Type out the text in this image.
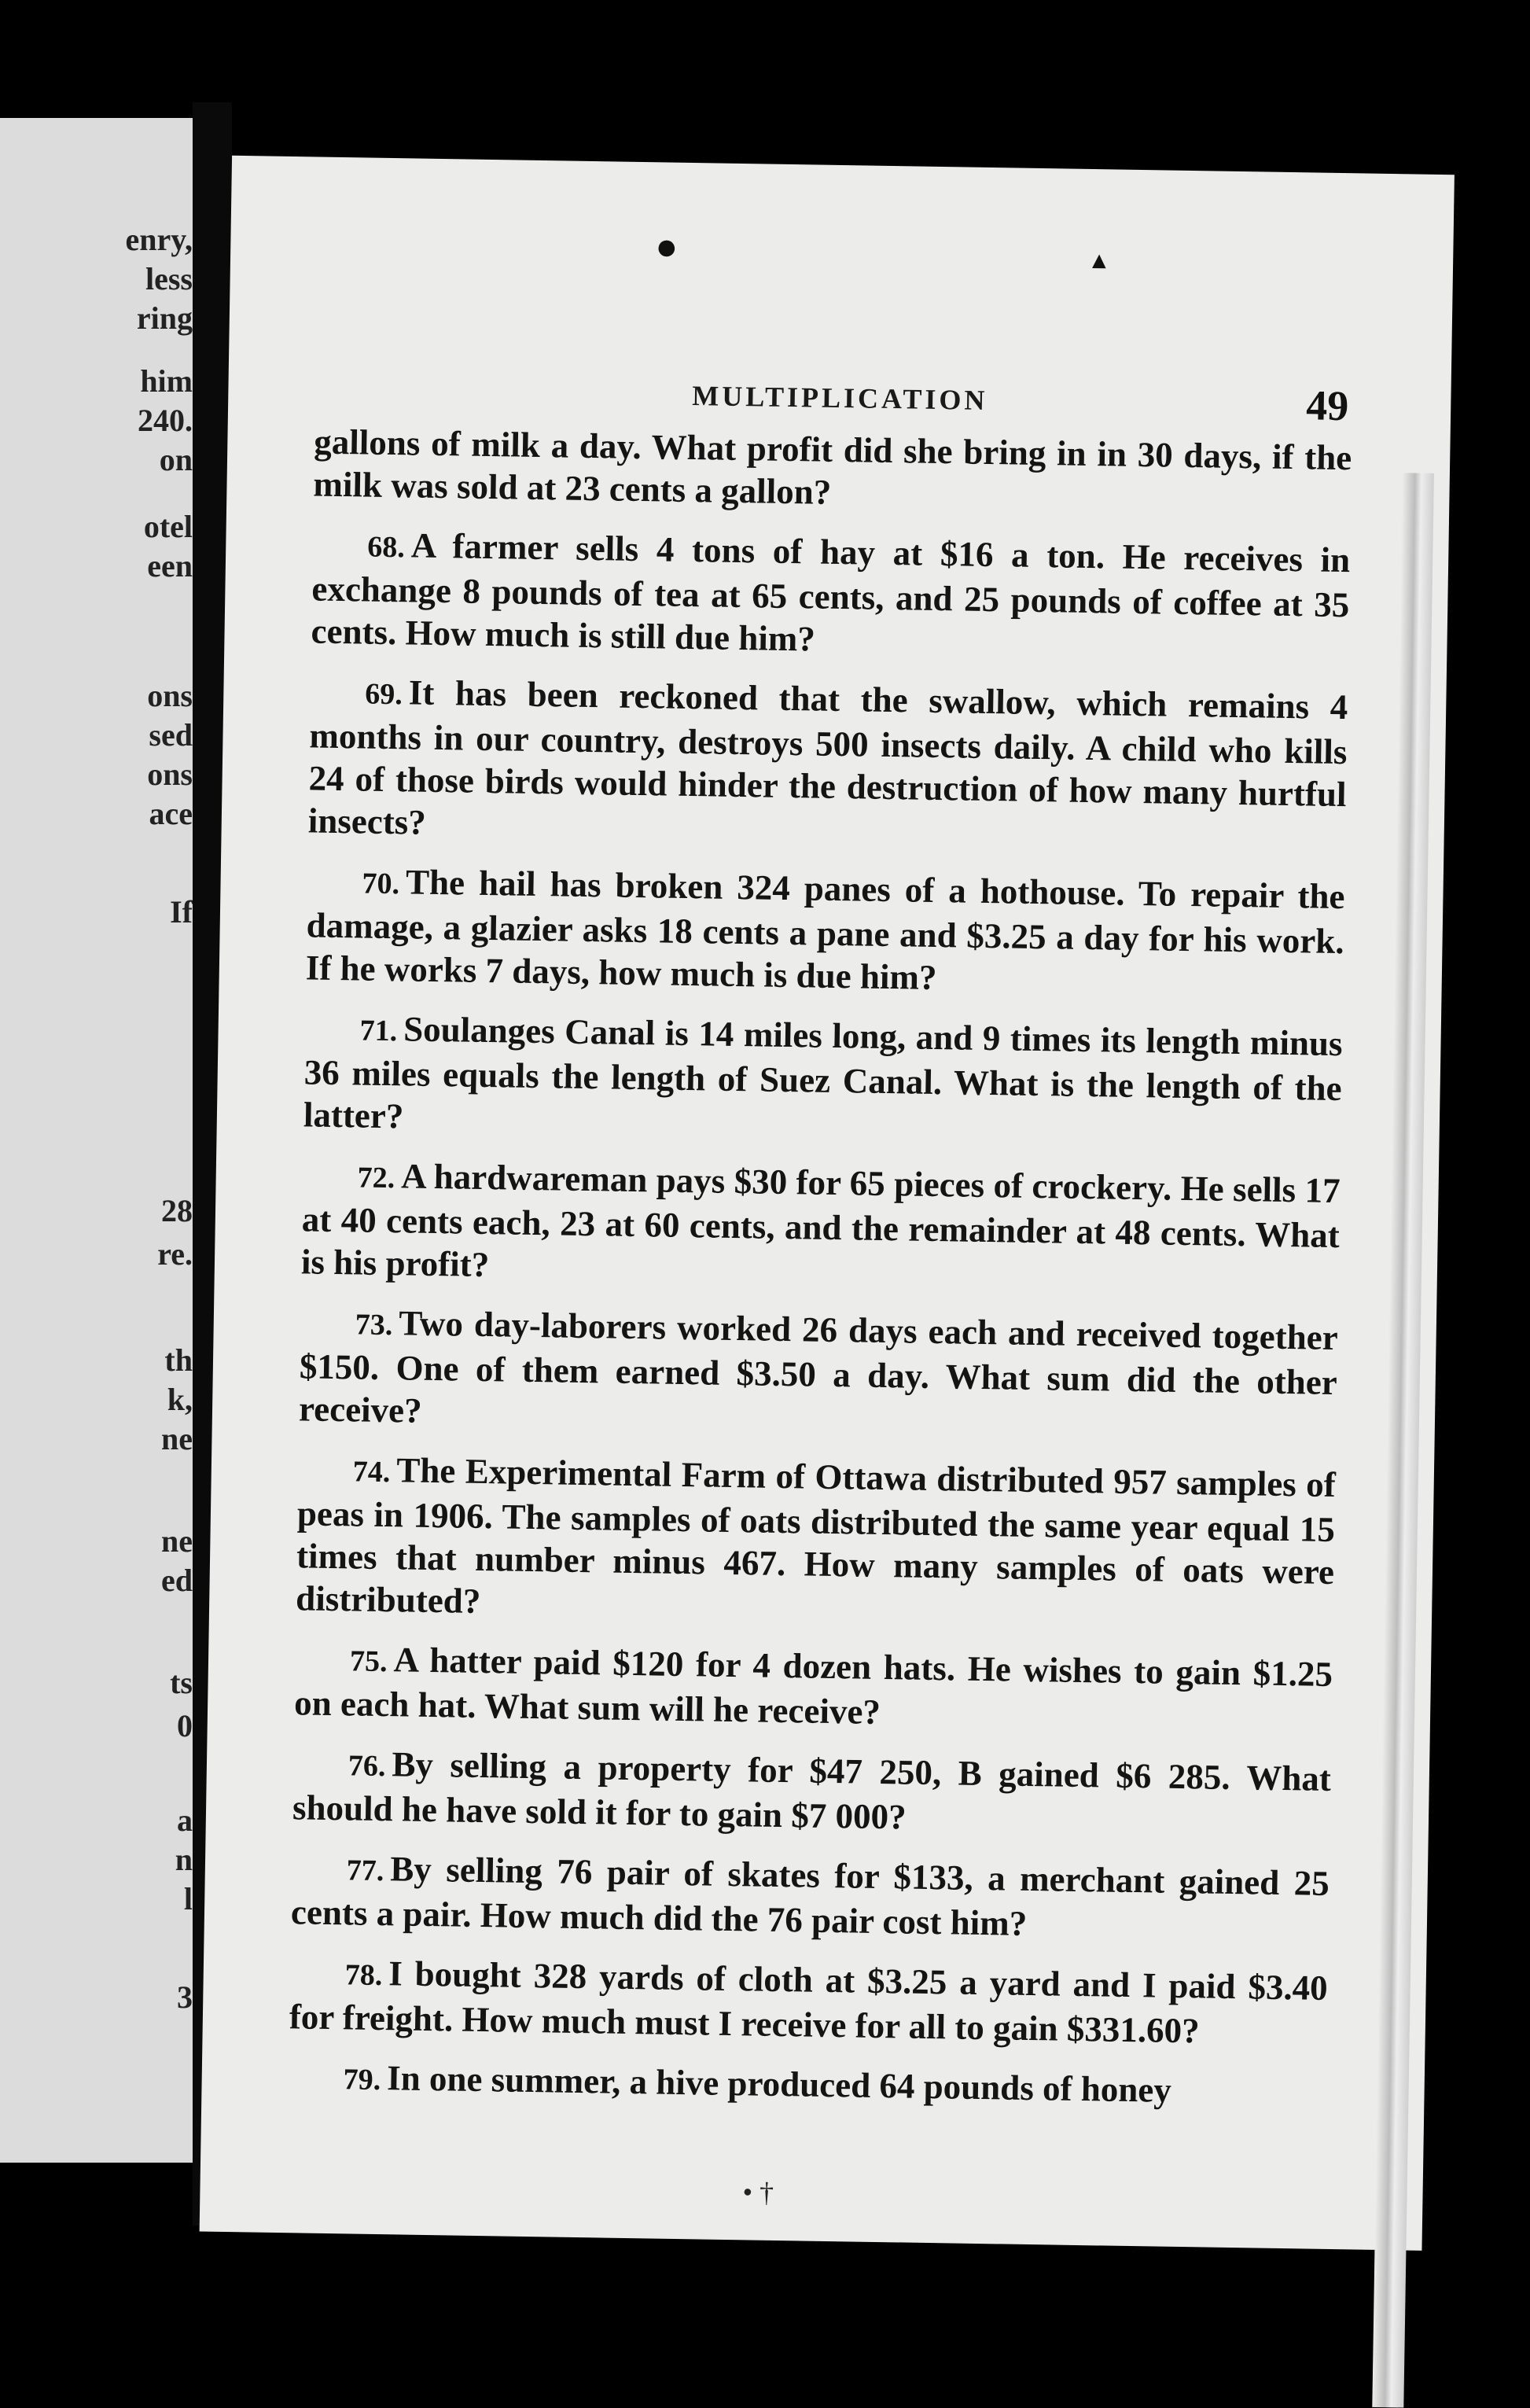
enry,
less
ring
him
240.
on
otel
een
ons
sed
ons
ace
If
28
re.
th
k,
ne
ne
ed
ts
0
a
n
l
3
●	▲
MULTIPLICATION	49

gallons of milk a day. What profit did she bring in in 30 days, if the milk was sold at 23 cents a gallon?

68. A farmer sells 4 tons of hay at $16 a ton. He receives in exchange 8 pounds of tea at 65 cents, and 25 pounds of coffee at 35 cents. How much is still due him?

69. It has been reckoned that the swallow, which remains 4 months in our country, destroys 500 insects daily. A child who kills 24 of those birds would hinder the destruction of how many hurtful insects?

70. The hail has broken 324 panes of a hothouse. To repair the damage, a glazier asks 18 cents a pane and $3.25 a day for his work. If he works 7 days, how much is due him?

71. Soulanges Canal is 14 miles long, and 9 times its length minus 36 miles equals the length of Suez Canal. What is the length of the latter?

72. A hardwareman pays $30 for 65 pieces of crockery. He sells 17 at 40 cents each, 23 at 60 cents, and the remainder at 48 cents. What is his profit?

73. Two day-laborers worked 26 days each and received together $150. One of them earned $3.50 a day. What sum did the other receive?

74. The Experimental Farm of Ottawa distributed 957 samples of peas in 1906. The samples of oats distributed the same year equal 15 times that number minus 467. How many samples of oats were distributed?

75. A hatter paid $120 for 4 dozen hats. He wishes to gain $1.25 on each hat. What sum will he receive?

76. By selling a property for $47 250, B gained $6 285. What should he have sold it for to gain $7 000?

77. By selling 76 pair of skates for $133, a merchant gained 25 cents a pair. How much did the 76 pair cost him?

78. I bought 328 yards of cloth at $3.25 a yard and I paid $3.40 for freight. How much must I receive for all to gain $331.60?

79. In one summer, a hive produced 64 pounds of honey

• †
